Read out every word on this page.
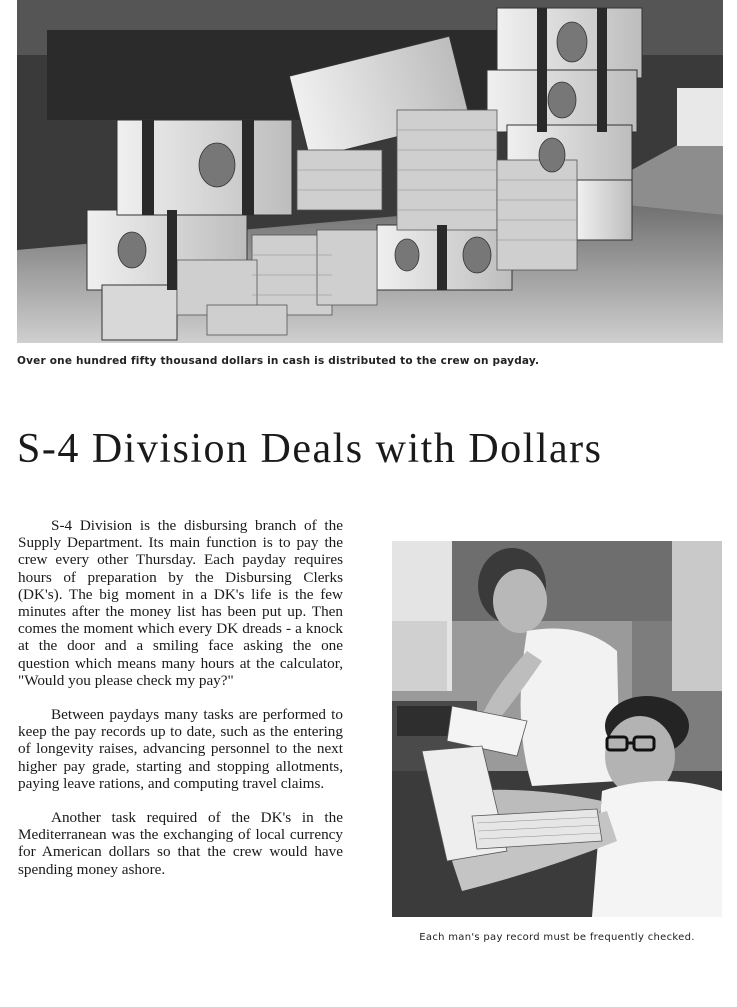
Over one hundred fifty thousand dollars in cash is distributed to the crew on payday.
S-4 Division Deals with Dollars

S-4 Division is the disbursing branch of the Supply Department. Its main function is to pay the crew every other Thursday. Each payday requires hours of preparation by the Disbursing Clerks (DK's). The big moment in a DK's life is the few minutes after the money list has been put up. Then comes the moment which every DK dreads - a knock at the door and a smiling face asking the one question which means many hours at the calculator, "Would you please check my pay?"

Between paydays many tasks are performed to keep the pay records up to date, such as the entering of longevity raises, advancing personnel to the next higher pay grade, starting and stopping allotments, paying leave rations, and computing travel claims.

Another task required of the DK's in the Mediterranean was the exchanging of local currency for American dollars so that the crew would have spending money ashore.

Each man's pay record must be frequently checked.
